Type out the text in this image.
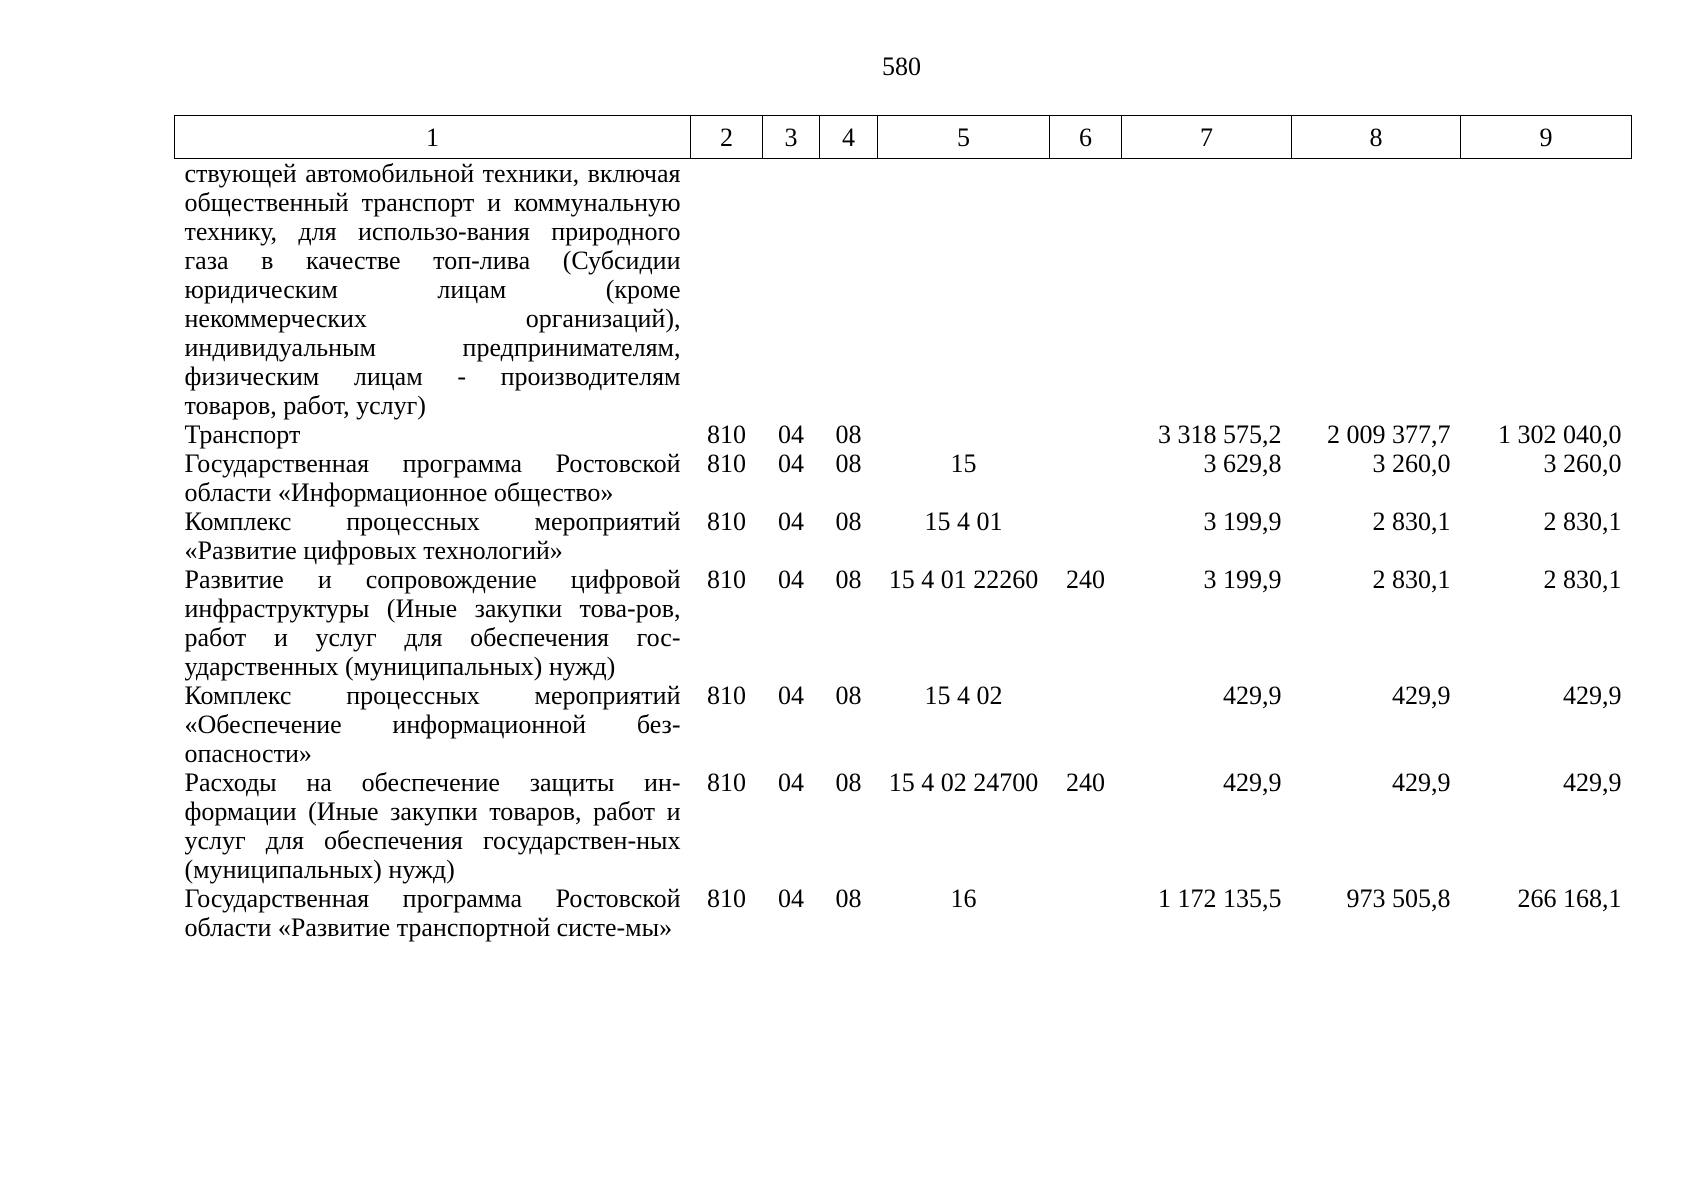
580
1	2	3	4	5	6	7	8	9
ствующей автомобильной техники, включая общественный транспорт и коммунальную технику, для использо-вания природного газа в качестве топ-лива (Субсидии юридическим лицам (кроме некоммерческих организаций), индивидуальным предпринимателям, физическим лицам - производителям товаров, работ, услуг)								
Транспорт	810	04	08			3 318 575,2	2 009 377,7	1 302 040,0
Государственная программа Ростовской области «Информационное общество»	810	04	08	15		3 629,8	3 260,0	3 260,0
Комплекс процессных мероприятий «Развитие цифровых технологий»	810	04	08	15 4 01		3 199,9	2 830,1	2 830,1
Развитие и сопровождение цифровой инфраструктуры (Иные закупки това-ров, работ и услуг для обеспечения гос-ударственных (муниципальных) нужд)	810	04	08	15 4 01 22260	240	3 199,9	2 830,1	2 830,1
Комплекс процессных мероприятий «Обеспечение информационной без-опасности»	810	04	08	15 4 02		429,9	429,9	429,9
Расходы на обеспечение защиты ин-формации (Иные закупки товаров, работ и услуг для обеспечения государствен-ных (муниципальных) нужд)	810	04	08	15 4 02 24700	240	429,9	429,9	429,9
Государственная программа Ростовской области «Развитие транспортной систе-мы»	810	04	08	16		1 172 135,5	973 505,8	266 168,1
